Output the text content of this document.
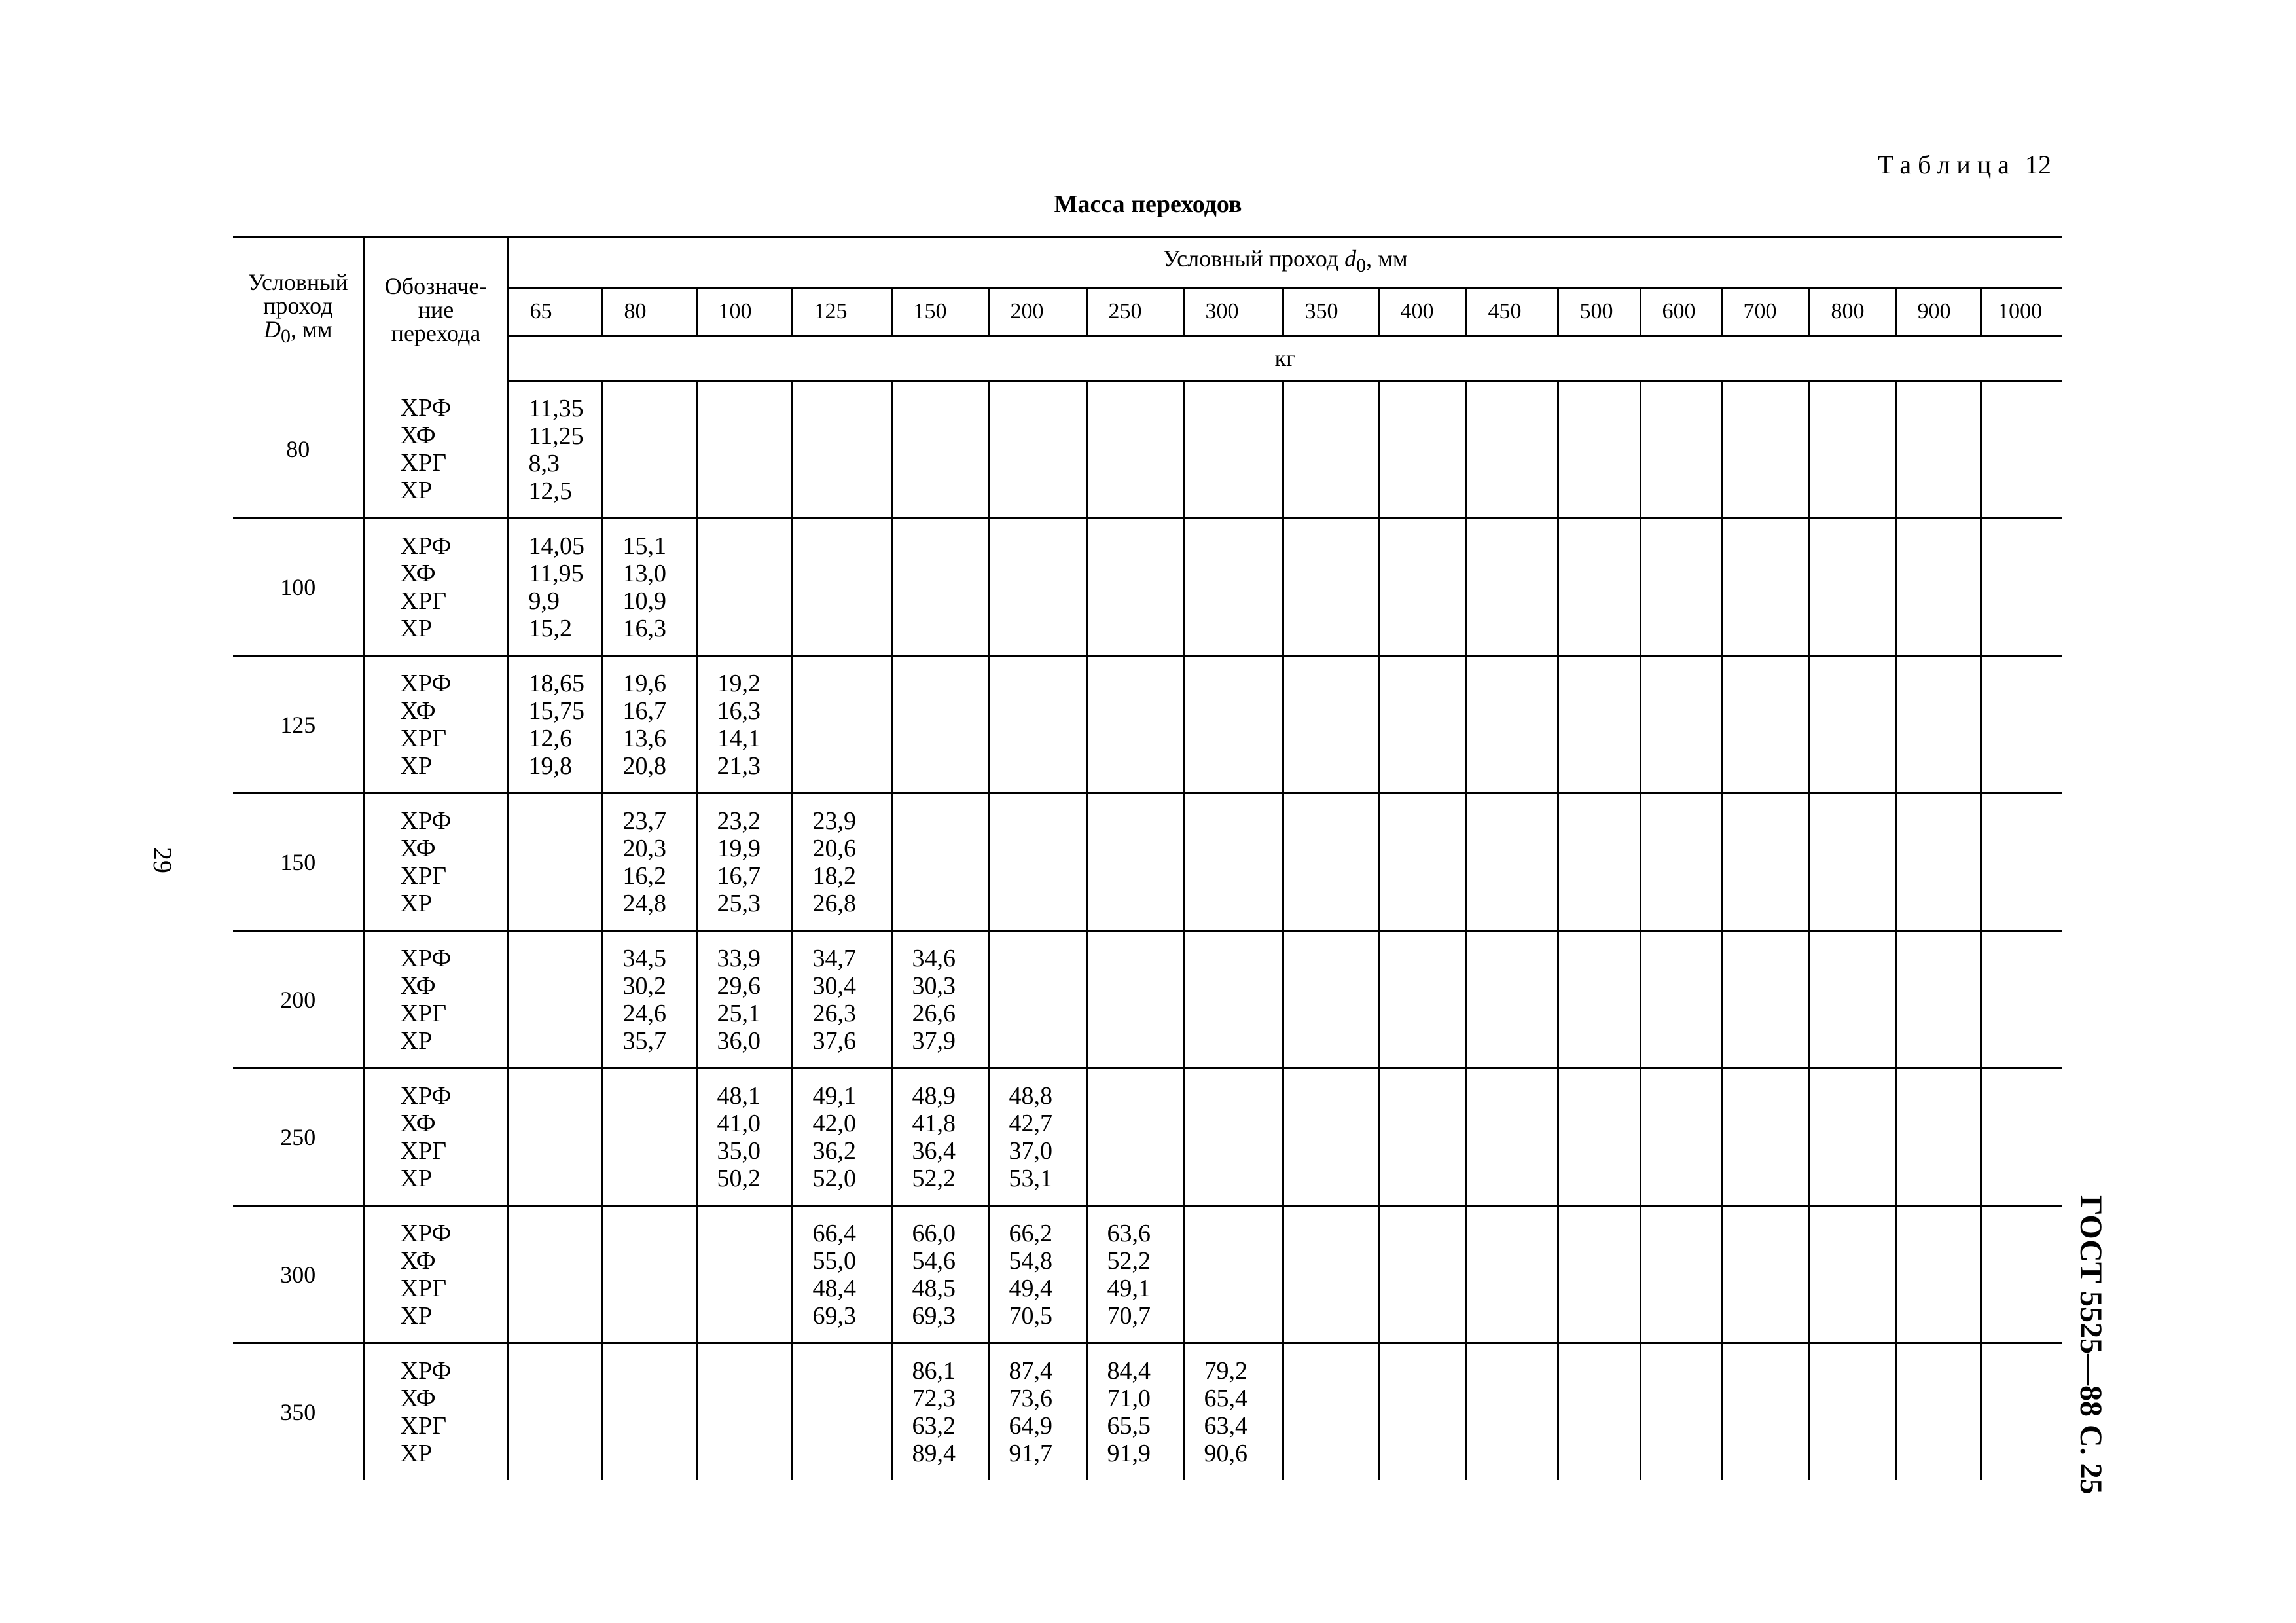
Таблица 12
Масса переходов
Условный
проход
$D_0$, мм	Обозначе-
ние
перехода	Условный проход $d_0$, мм																
		65	80	100	125	150	200	250	300	350	400	450	500	600	700	800	900	1000
		кг																
80	ХРФ
ХФ
ХРГ
ХР	11,35
11,25
8,3
12,5																

100	ХРФ
ХФ
ХРГ
ХР	14,05
11,95
9,9
15,2	15,1
13,0
10,9
16,3															

125	ХРФ
ХФ
ХРГ
ХР	18,65
15,75
12,6
19,8	19,6
16,7
13,6
20,8	19,2
16,3
14,1
21,3														

150	ХРФ
ХФ
ХРГ
ХР		23,7
20,3
16,2
24,8	23,2
19,9
16,7
25,3	23,9
20,6
18,2
26,8													

200	ХРФ
ХФ
ХРГ
ХР		34,5
30,2
24,6
35,7	33,9
29,6
25,1
36,0	34,7
30,4
26,3
37,6	34,6
30,3
26,6
37,9												

250	ХРФ
ХФ
ХРГ
ХР			48,1
41,0
35,0
50,2	49,1
42,0
36,2
52,0	48,9
41,8
36,4
52,2	48,8
42,7
37,0
53,1											

300	ХРФ
ХФ
ХРГ
ХР				66,4
55,0
48,4
69,3	66,0
54,6
48,5
69,3	66,2
54,8
49,4
70,5	63,6
52,2
49,1
70,7										

350	ХРФ
ХФ
ХРГ
ХР					86,1
72,3
63,2
89,4	87,4
73,6
64,9
91,7	84,4
71,0
65,5
91,9	79,2
65,4
63,4
90,6									

29
ГОСТ 5525—88 С. 25
